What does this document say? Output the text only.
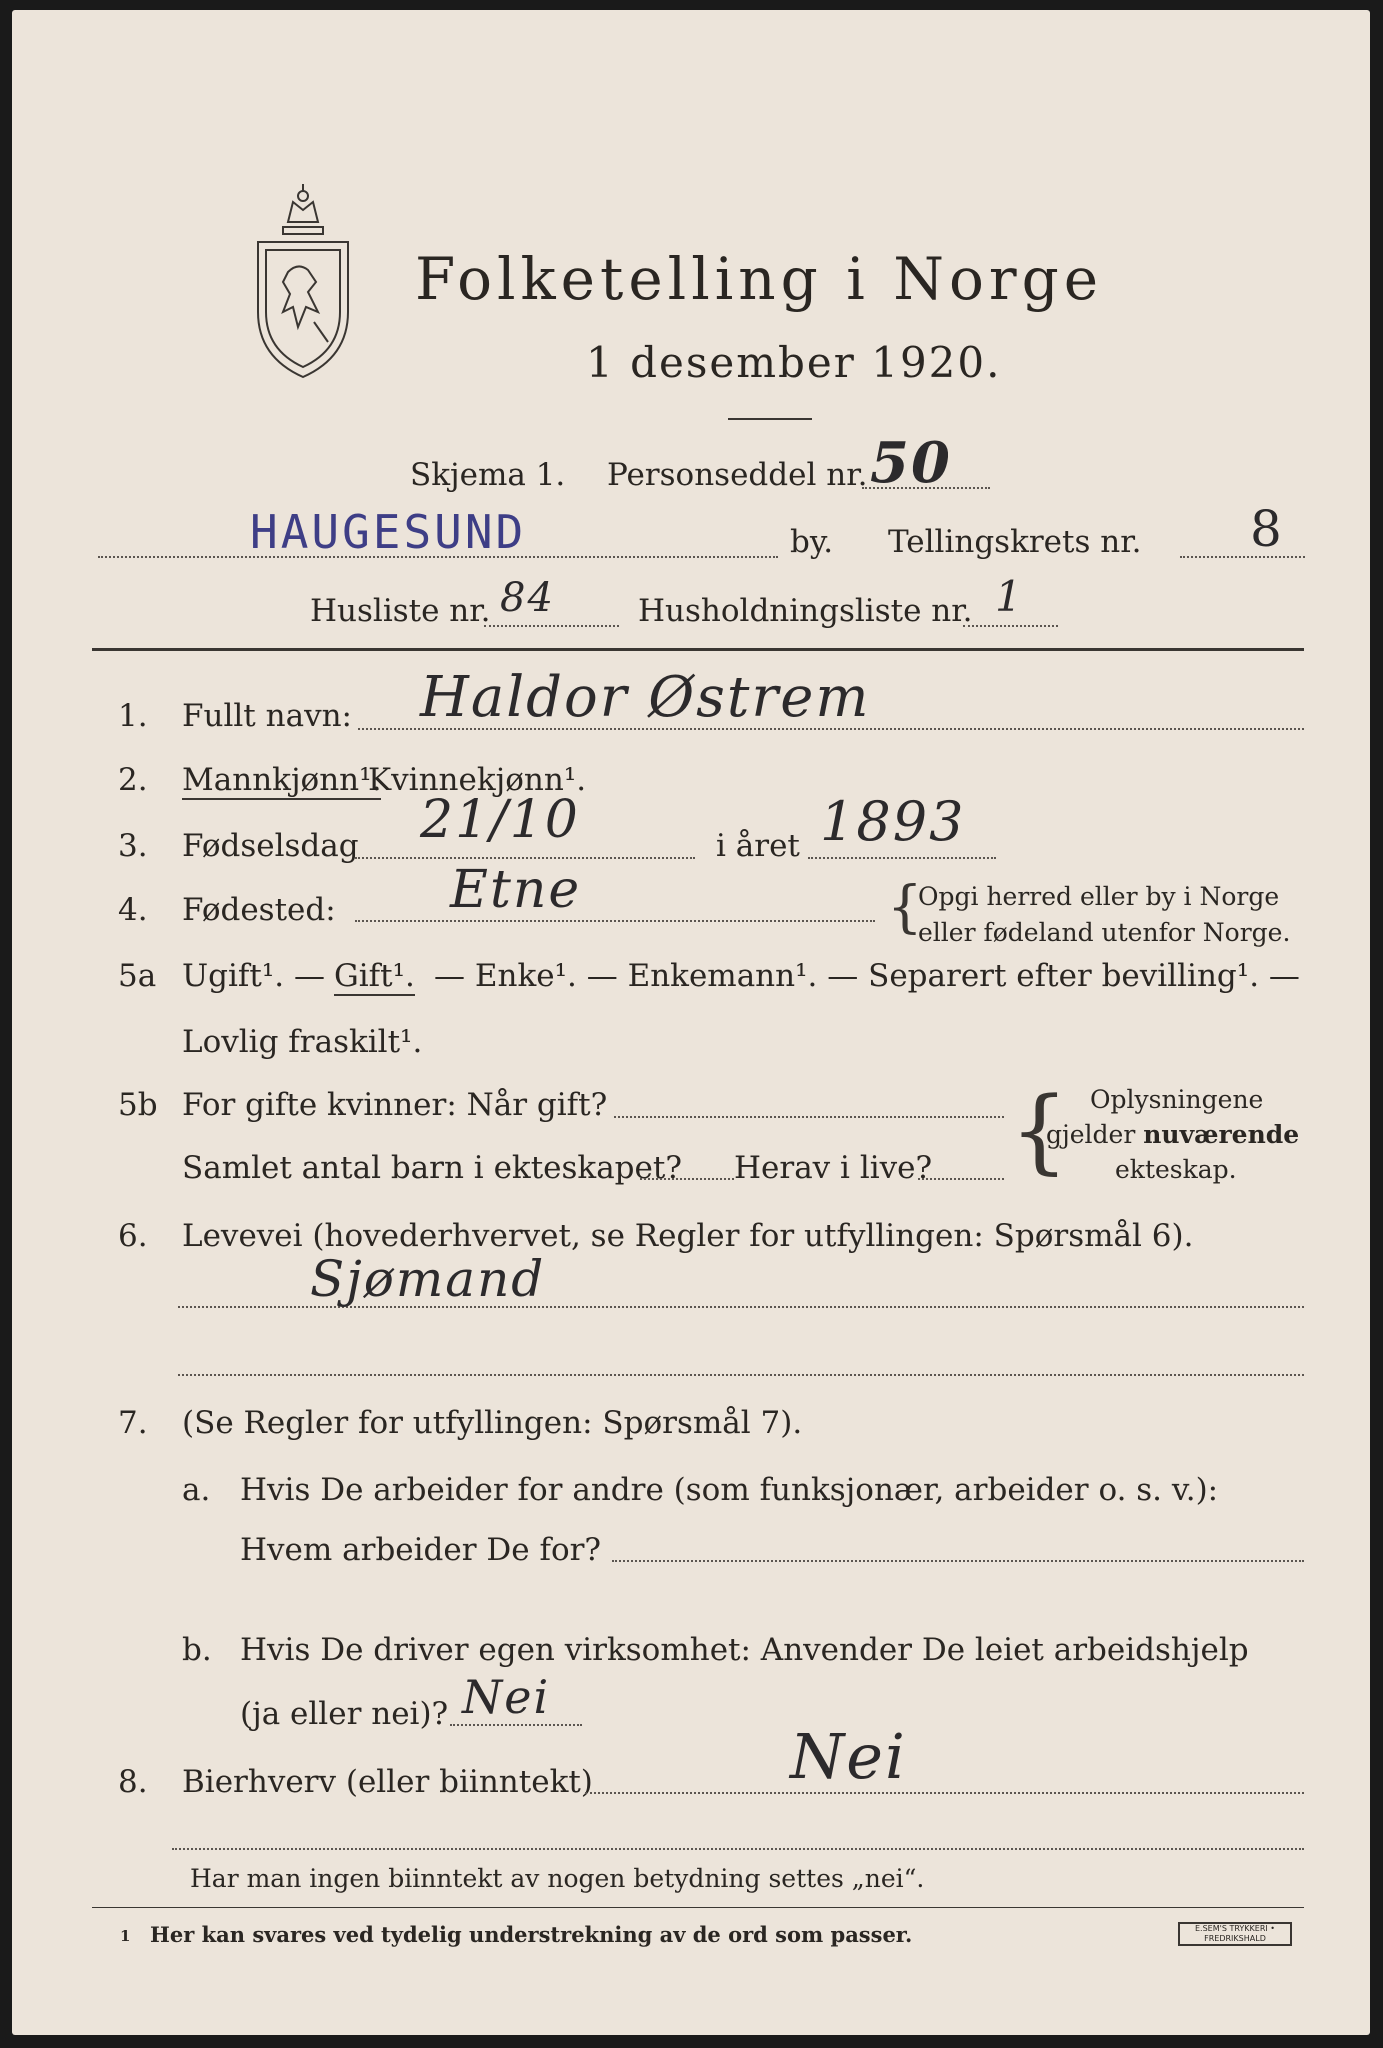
Folketelling i Norge
1 desember 1920.
Skjema 1. Personseddel nr. 50
HAUGESUND	by. Tellingskrets nr. 8
Husliste nr. 84	Husholdningsliste nr. 1
1. Fullt navn: Haldor Østrem
2. Mannkjønn¹.
Kvinnekjønn¹.
3. Fødselsdag 21/10	i året 1893
4. Fødested: Etne	{
Opgi herred eller by i Norge
eller fødeland utenfor Norge.
5a Ugift¹. — Gift¹. — Enke¹. — Enkemann¹. — Separert efter bevilling¹. —
Lovlig fraskilt¹.
5b For gifte kvinner: Når gift?
Samlet antal barn i ekteskapet? Herav i live? { Oplysningene
gjelder nuværende
ekteskap.
6. Levevei (hovederhvervet, se Regler for utfyllingen: Spørsmål 6).
Sjømand
7. (Se Regler for utfyllingen: Spørsmål 7).
a. Hvis De arbeider for andre (som funksjonær, arbeider o. s. v.):
Hvem arbeider De for?
b. Hvis De driver egen virksomhet: Anvender De leiet arbeidshjelp
(ja eller nei)? Nei
8. Bierhverv (eller biinntekt)	Nei
Har man ingen biinntekt av nogen betydning settes „nei“.
1 Her kan svares ved tydelig understrekning av de ord som passer.	E.SEM'S TRYKKERI • FREDRIKSHALD
